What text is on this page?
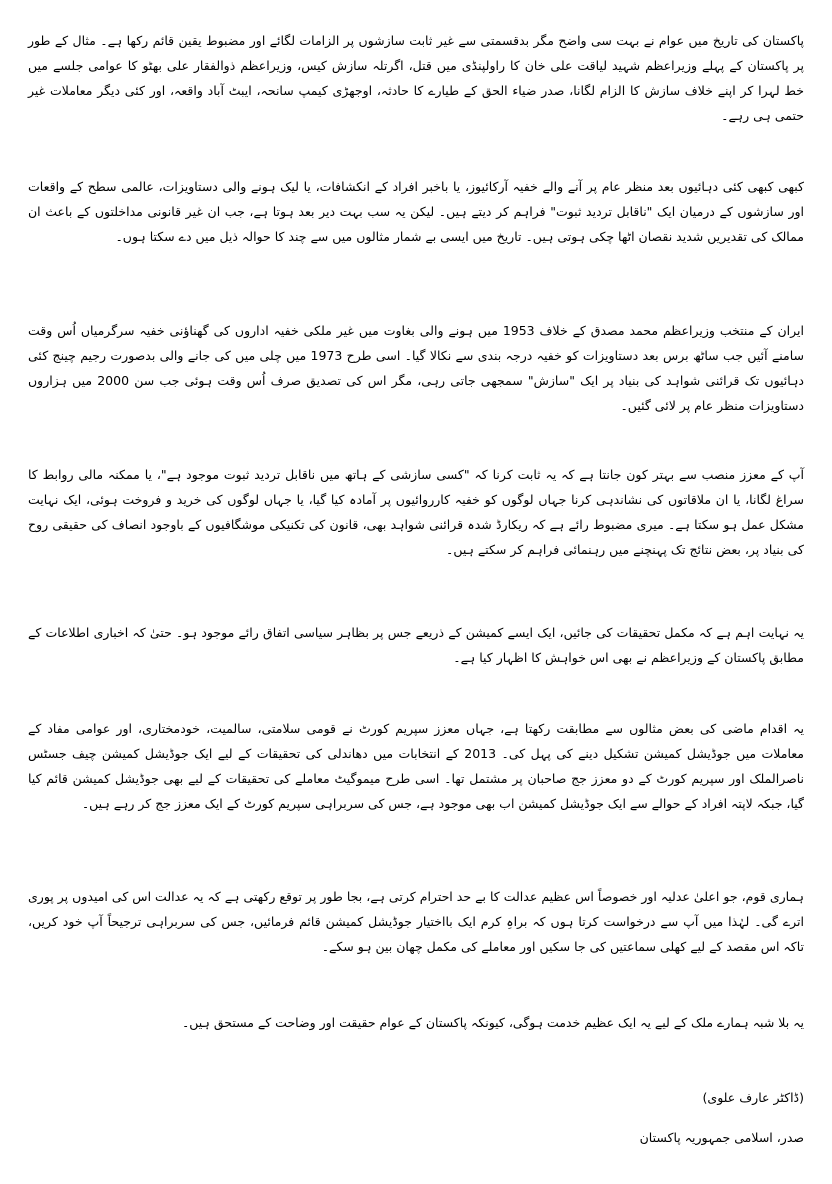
پاکستان کی تاریخ میں عوام نے بہت سی واضح مگر بدقسمتی سے غیر ثابت سازشوں پر الزامات لگائے اور مضبوط یقین قائم رکھا ہے۔ مثال کے طور پر پاکستان کے پہلے وزیراعظم شہید لیاقت علی خان کا راولپنڈی میں قتل، اگرتلہ سازش کیس، وزیراعظم ذوالفقار علی بھٹو کا عوامی جلسے میں خط لہرا کر اپنے خلاف سازش کا الزام لگانا، صدر ضیاء الحق کے طیارے کا حادثہ، اوجھڑی کیمپ سانحہ، ایبٹ آباد واقعہ، اور کئی دیگر معاملات غیر حتمی ہی رہے۔

کبھی کبھی کئی دہائیوں بعد منظر عام پر آنے والے خفیہ آرکائیوز، یا باخبر افراد کے انکشافات، یا لیک ہونے والی دستاویزات، عالمی سطح کے واقعات اور سازشوں کے درمیان ایک "ناقابل تردید ثبوت" فراہم کر دیتے ہیں۔ لیکن یہ سب بہت دیر بعد ہوتا ہے، جب ان غیر قانونی مداخلتوں کے باعث ان ممالک کی تقدیریں شدید نقصان اٹھا چکی ہوتی ہیں۔ تاریخ میں ایسی بے شمار مثالوں میں سے چند کا حوالہ ذیل میں دے سکتا ہوں۔

ایران کے منتخب وزیراعظم محمد مصدق کے خلاف 1953 میں ہونے والی بغاوت میں غیر ملکی خفیہ اداروں کی گھناؤنی خفیہ سرگرمیاں اُس وقت سامنے آئیں جب ساٹھ برس بعد دستاویزات کو خفیہ درجہ بندی سے نکالا گیا۔ اسی طرح 1973 میں چلی میں کی جانے والی بدصورت رجیم چینج کئی دہائیوں تک قرائنی شواہد کی بنیاد پر ایک "سازش" سمجھی جاتی رہی، مگر اس کی تصدیق صرف اُس وقت ہوئی جب سن 2000 میں ہزاروں دستاویزات منظر عام پر لائی گئیں۔

آپ کے معزز منصب سے بہتر کون جانتا ہے کہ یہ ثابت کرنا کہ "کسی سازشی کے ہاتھ میں ناقابل تردید ثبوت موجود ہے"، یا ممکنہ مالی روابط کا سراغ لگانا، یا ان ملاقاتوں کی نشاندہی کرنا جہاں لوگوں کو خفیہ کارروائیوں پر آمادہ کیا گیا، یا جہاں لوگوں کی خرید و فروخت ہوئی، ایک نہایت مشکل عمل ہو سکتا ہے۔ میری مضبوط رائے ہے کہ ریکارڈ شدہ قرائنی شواہد بھی، قانون کی تکنیکی موشگافیوں کے باوجود انصاف کی حقیقی روح کی بنیاد پر، بعض نتائج تک پہنچنے میں رہنمائی فراہم کر سکتے ہیں۔

یہ نہایت اہم ہے کہ مکمل تحقیقات کی جائیں، ایک ایسے کمیشن کے ذریعے جس پر بظاہر سیاسی اتفاق رائے موجود ہو۔ حتیٰ کہ اخباری اطلاعات کے مطابق پاکستان کے وزیراعظم نے بھی اس خواہش کا اظہار کیا ہے۔

یہ اقدام ماضی کی بعض مثالوں سے مطابقت رکھتا ہے، جہاں معزز سپریم کورٹ نے قومی سلامتی، سالمیت، خودمختاری، اور عوامی مفاد کے معاملات میں جوڈیشل کمیشن تشکیل دینے کی پہل کی۔ 2013 کے انتخابات میں دھاندلی کی تحقیقات کے لیے ایک جوڈیشل کمیشن چیف جسٹس ناصرالملک اور سپریم کورٹ کے دو معزز جج صاحبان پر مشتمل تھا۔ اسی طرح میموگیٹ معاملے کی تحقیقات کے لیے بھی جوڈیشل کمیشن قائم کیا گیا، جبکہ لاپتہ افراد کے حوالے سے ایک جوڈیشل کمیشن اب بھی موجود ہے، جس کی سربراہی سپریم کورٹ کے ایک معزز جج کر رہے ہیں۔

ہماری قوم، جو اعلیٰ عدلیہ اور خصوصاً اس عظیم عدالت کا بے حد احترام کرتی ہے، بجا طور پر توقع رکھتی ہے کہ یہ عدالت اس کی امیدوں پر پوری اترے گی۔ لہٰذا میں آپ سے درخواست کرتا ہوں کہ براہِ کرم ایک بااختیار جوڈیشل کمیشن قائم فرمائیں، جس کی سربراہی ترجیحاً آپ خود کریں، تاکہ اس مقصد کے لیے کھلی سماعتیں کی جا سکیں اور معاملے کی مکمل چھان بین ہو سکے۔

یہ بلا شبہ ہمارے ملک کے لیے یہ ایک عظیم خدمت ہوگی، کیونکہ پاکستان کے عوام حقیقت اور وضاحت کے مستحق ہیں۔

(ڈاکٹر عارف علوی)

صدر، اسلامی جمہوریہ پاکستان
